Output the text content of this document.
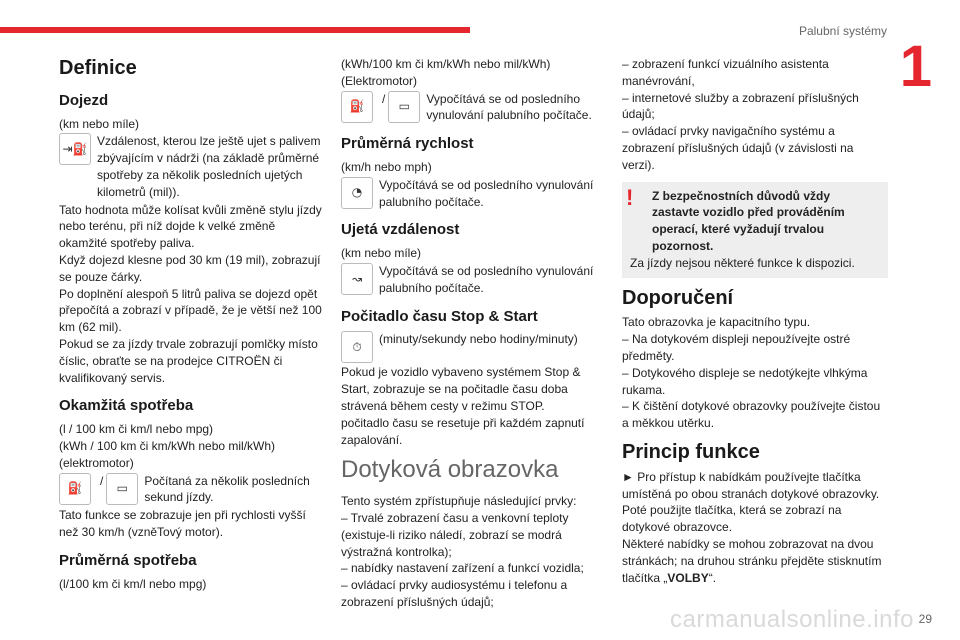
Palubní systémy
1
carmanualsonline.info 29
Definice
Dojezd

(km nebo míle)

⇥⛽

Vzdálenost, kterou lze ještě ujet s palivem zbývajícím v nádrži (na základě průměrné spotřeby za několik posledních ujetých kilometrů (mil)).

Tato hodnota může kolísat kvůli změně stylu jízdy nebo terénu, při níž dojde k velké změně okamžité spotřeby paliva.

Když dojezd klesne pod 30 km (19 mil), zobrazují se pouze čárky.

Po doplnění alespoň 5 litrů paliva se dojezd opět přepočítá a zobrazí v případě, že je větší než 100 km (62 mil).

Pokud se za jízdy trvale zobrazují pomlčky místo číslic, obraťte se na prodejce CITROËN či kvalifikovaný servis.

Okamžitá spotřeba

(l / 100 km či km/l nebo mpg)

(kWh / 100 km či km/kWh nebo mil/kWh)

(elektromotor)

⛽
/
▭

Počítaná za několik posledních sekund jízdy.

Tato funkce se zobrazuje jen při rychlosti vyšší než 30 km/h (vzněTový motor).

Průměrná spotřeba

(l/100 km či km/l nebo mpg)

(kWh/100 km či km/kWh nebo mil/kWh)

(Elektromotor)

⛽
/
▭

Vypočítává se od posledního vynulování palubního počítače.

Průměrná rychlost

(km/h nebo mph)

◔

Vypočítává se od posledního vynulování palubního počítače.

Ujetá vzdálenost

(km nebo míle)

↝

Vypočítává se od posledního vynulování palubního počítače.

Počitadlo času Stop & Start
⏱

(minuty/sekundy nebo hodiny/minuty)

Pokud je vozidlo vybaveno systémem Stop & Start, zobrazuje se na počitadle času doba strávená během cesty v režimu STOP.

počitadlo času se resetuje při každém zapnutí zapalování.

Dotyková obrazovka

Tento systém zpřístupňuje následující prvky:

– Trvalé zobrazení času a venkovní teploty (existuje-li riziko náledí, zobrazí se modrá výstražná kontrolka);

– nabídky nastavení zařízení a funkcí vozidla;

– ovládací prvky audiosystému i telefonu a zobrazení příslušných údajů;

– zobrazení funkcí vizuálního asistenta manévrování,

– internetové služby a zobrazení příslušných údajů;

– ovládací prvky navigačního systému a zobrazení příslušných údajů (v závislosti na verzi).

!	Z bezpečnostních důvodů vždy zastavte vozidlo před prováděním operací, které vyžadují trvalou pozornost.

Za jízdy nejsou některé funkce k dispozici.

Doporučení

Tato obrazovka je kapacitního typu.

– Na dotykovém displeji nepoužívejte ostré předměty.

– Dotykového displeje se nedotýkejte vlhkýma rukama.

– K čištění dotykové obrazovky používejte čistou a měkkou utěrku.

Princip funkce

► Pro přístup k nabídkám používejte tlačítka umístěná po obou stranách dotykové obrazovky.

Poté použijte tlačítka, která se zobrazí na dotykové obrazovce.

Některé nabídky se mohou zobrazovat na dvou stránkách; na druhou stránku přejděte stisknutím tlačítka „VOLBY“.
